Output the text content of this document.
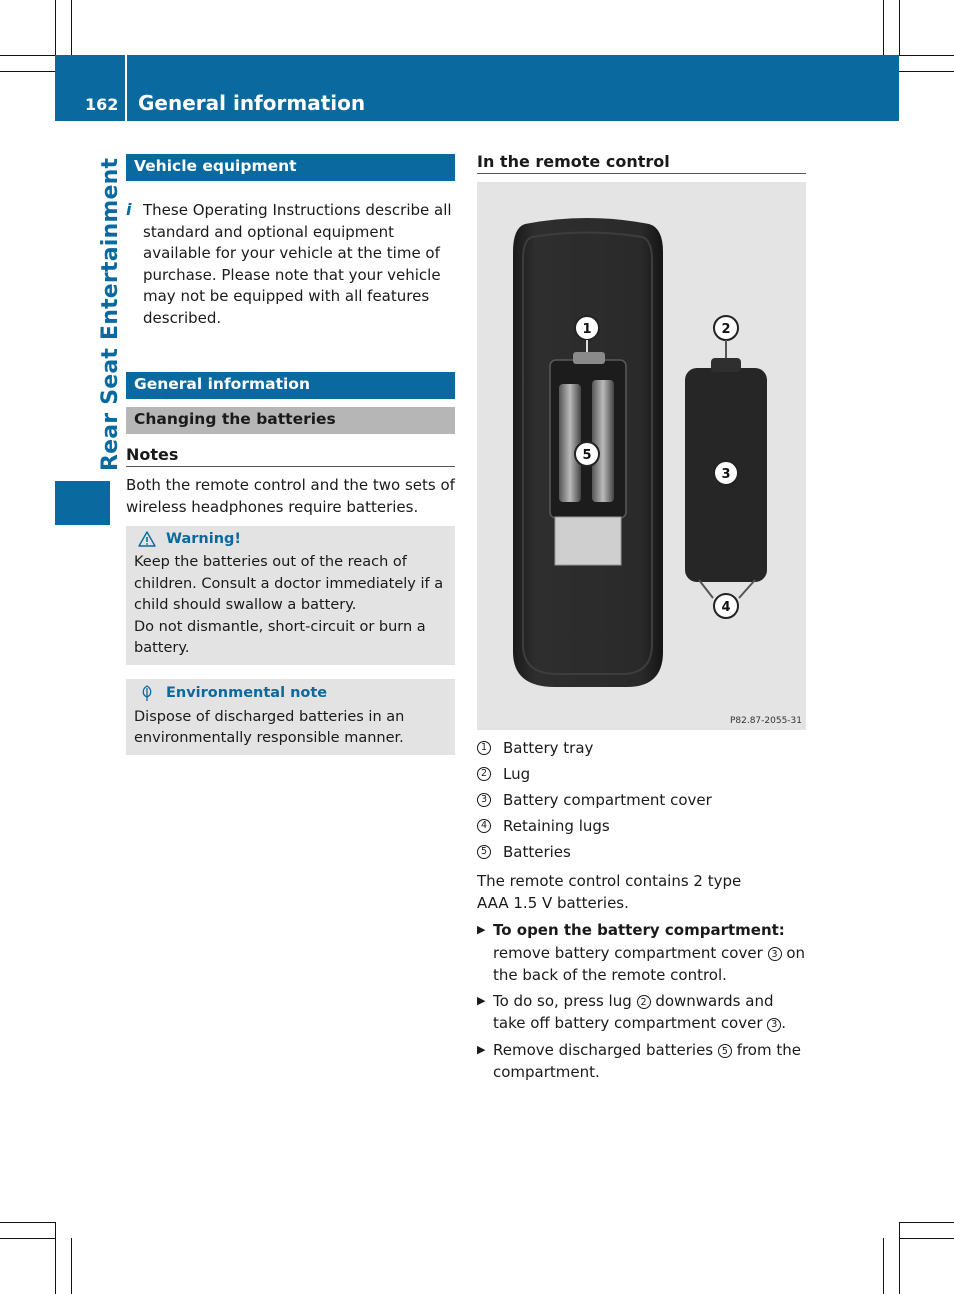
162 General information
Rear Seat Entertainment Vehicle equipment
i These Operating Instructions describe all standard and optional equipment available for your vehicle at the time of purchase. Please note that your vehicle may not be equipped with all features described.

General information
Changing the batteries
Notes

Both the remote control and the two sets of wireless headphones require batteries.

Warning!

Keep the batteries out of the reach of children. Consult a doctor immediately if a child should swallow a battery.

Do not dismantle, short-circuit or burn a battery.

Environmental note

Dispose of discharged batteries in an environmentally responsible manner.

In the remote control
1	2
3
4
5
P82.87-2055-31
1 Battery tray
2 Lug
3 Battery compartment cover
4 Retaining lugs
5 Batteries

The remote control contains 2 type AAA 1.5 V batteries.

▶ To open the battery compartment: remove battery compartment cover 3 on the back of the remote control.
▶ To do so, press lug 2 downwards and take off battery compartment cover 3 .
▶ Remove discharged batteries 5 from the compartment.
